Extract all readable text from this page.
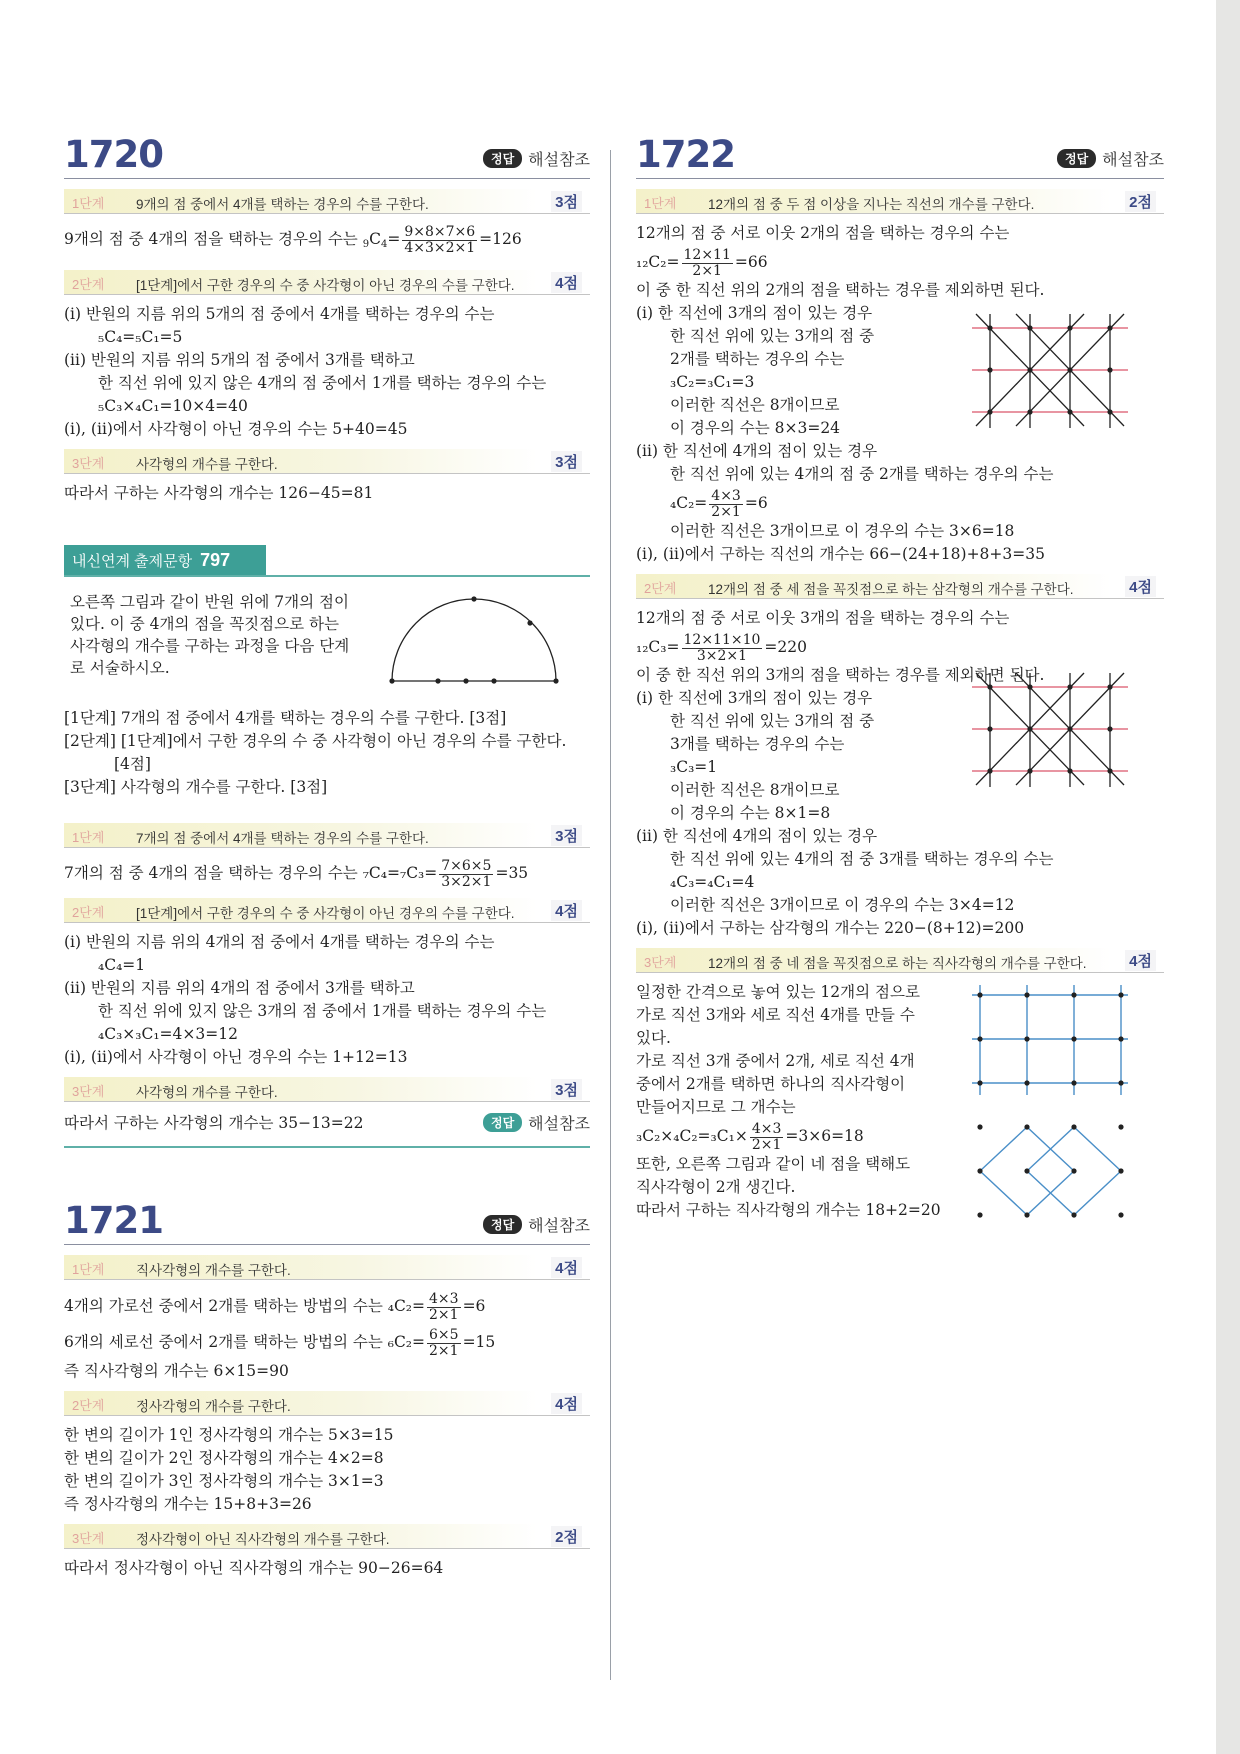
1720	정답 해설참조
1단계 9개의 점 중에서 4개를 택하는 경우의 수를 구한다.	3점
9개의 점 중 4개의 점을 택하는 경우의 수는 $_9C_4= \frac{9\times 8\times 7\times 6}{4\times 3\times 2\times 1} =126$
2단계 [1단계]에서 구한 경우의 수 중 사각형이 아닌 경우의 수를 구한다.	4점
(ⅰ) 반원의 지름 위의 5개의 점 중에서 4개를 택하는 경우의 수는
₅C₄=₅C₁=5
(ⅱ) 반원의 지름 위의 5개의 점 중에서 3개를 택하고
한 직선 위에 있지 않은 4개의 점 중에서 1개를 택하는 경우의 수는
₅C₃×₄C₁=10×4=40
(ⅰ), (ⅱ)에서 사각형이 아닌 경우의 수는 5+40=45
3단계 사각형의 개수를 구한다.	3점
따라서 구하는 사각형의 개수는 126−45=81
내신연계 출제문항 797
오른쪽 그림과 같이 반원 위에 7개의 점이
있다. 이 중 4개의 점을 꼭짓점으로 하는
사각형의 개수를 구하는 과정을 다음 단계
로 서술하시오.
[1단계] 7개의 점 중에서 4개를 택하는 경우의 수를 구한다. [3점]
[2단계] [1단계]에서 구한 경우의 수 중 사각형이 아닌 경우의 수를 구한다.
[4점]
[3단계] 사각형의 개수를 구한다. [3점]
1단계 7개의 점 중에서 4개를 택하는 경우의 수를 구한다.	3점
7개의 점 중 4개의 점을 택하는 경우의 수는 $_7C_4=_7C_3= \frac{7\times 6\times 5}{3\times 2\times 1} =35$
2단계 [1단계]에서 구한 경우의 수 중 사각형이 아닌 경우의 수를 구한다.	4점
(ⅰ) 반원의 지름 위의 4개의 점 중에서 4개를 택하는 경우의 수는
₄C₄=1
(ⅱ) 반원의 지름 위의 4개의 점 중에서 3개를 택하고
한 직선 위에 있지 않은 3개의 점 중에서 1개를 택하는 경우의 수는
₄C₃×₃C₁=4×3=12
(ⅰ), (ⅱ)에서 사각형이 아닌 경우의 수는 1+12=13
3단계 사각형의 개수를 구한다.	3점
따라서 구하는 사각형의 개수는 35−13=22	정답 해설참조
1721	정답 해설참조
1단계 직사각형의 개수를 구한다.	4점
4개의 가로선 중에서 2개를 택하는 방법의 수는 $_4C_2= \frac{4\times 3}{2\times 1} =6$
6개의 세로선 중에서 2개를 택하는 방법의 수는 $_6C_2= \frac{6\times 5}{2\times 1} =15$
즉 직사각형의 개수는 6×15=90
2단계 정사각형의 개수를 구한다.	4점
한 변의 길이가 1인 정사각형의 개수는 5×3=15
한 변의 길이가 2인 정사각형의 개수는 4×2=8
한 변의 길이가 3인 정사각형의 개수는 3×1=3
즉 정사각형의 개수는 15+8+3=26
3단계 정사각형이 아닌 직사각형의 개수를 구한다.	2점
따라서 정사각형이 아닌 직사각형의 개수는 90−26=64
1722	정답 해설참조
1단계 12개의 점 중 두 점 이상을 지나는 직선의 개수를 구한다.	2점
12개의 점 중 서로 이웃 2개의 점을 택하는 경우의 수는
$_{12}C_2= \frac{12\times 11}{2\times 1} =66$
이 중 한 직선 위의 2개의 점을 택하는 경우를 제외하면 된다.
(ⅰ) 한 직선에 3개의 점이 있는 경우
한 직선 위에 있는 3개의 점 중
2개를 택하는 경우의 수는
₃C₂=₃C₁=3
이러한 직선은 8개이므로
이 경우의 수는 8×3=24
(ⅱ) 한 직선에 4개의 점이 있는 경우
한 직선 위에 있는 4개의 점 중 2개를 택하는 경우의 수는
$_4C_2= \frac{4\times 3}{2\times 1} =6$
이러한 직선은 3개이므로 이 경우의 수는 3×6=18
(ⅰ), (ⅱ)에서 구하는 직선의 개수는 66−(24+18)+8+3=35
2단계 12개의 점 중 세 점을 꼭짓점으로 하는 삼각형의 개수를 구한다.	4점
12개의 점 중 서로 이웃 3개의 점을 택하는 경우의 수는
$_{12}C_3= \frac{12\times 11\times 10}{3\times 2\times 1} =220$
이 중 한 직선 위의 3개의 점을 택하는 경우를 제외하면 된다.
(ⅰ) 한 직선에 3개의 점이 있는 경우
한 직선 위에 있는 3개의 점 중
3개를 택하는 경우의 수는
₃C₃=1
이러한 직선은 8개이므로
이 경우의 수는 8×1=8
(ⅱ) 한 직선에 4개의 점이 있는 경우
한 직선 위에 있는 4개의 점 중 3개를 택하는 경우의 수는
₄C₃=₄C₁=4
이러한 직선은 3개이므로 이 경우의 수는 3×4=12
(ⅰ), (ⅱ)에서 구하는 삼각형의 개수는 220−(8+12)=200
3단계 12개의 점 중 네 점을 꼭짓점으로 하는 직사각형의 개수를 구한다.	4점
일정한 간격으로 놓여 있는 12개의 점으로
가로 직선 3개와 세로 직선 4개를 만들 수
있다.
가로 직선 3개 중에서 2개, 세로 직선 4개
중에서 2개를 택하면 하나의 직사각형이
만들어지므로 그 개수는
$_3C_2\times_4C_2=_3C_1\times \frac{4\times 3}{2\times 1} =3\times 6=18$
또한, 오른쪽 그림과 같이 네 점을 택해도
직사각형이 2개 생긴다.
따라서 구하는 직사각형의 개수는 18+2=20
